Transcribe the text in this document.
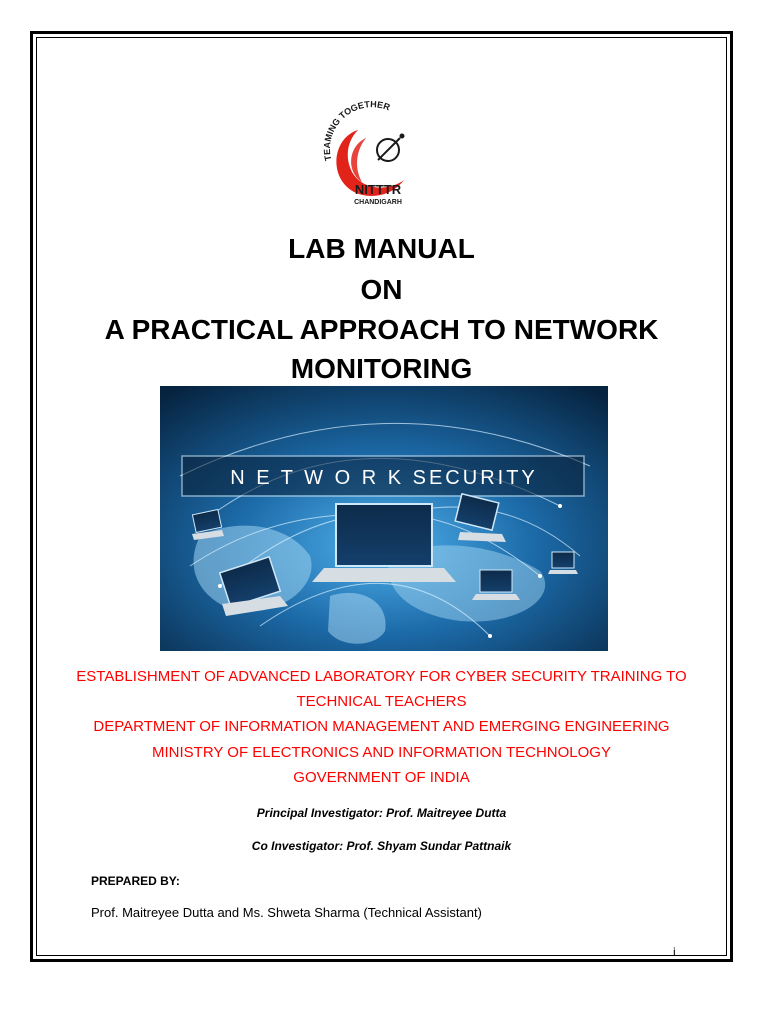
TEAMING TOGETHER
NITTTR
CHANDIGARH

LAB MANUAL

ON

A PRACTICAL APPROACH TO NETWORK

MONITORING

N E T W O R K SECURITY

ESTABLISHMENT OF ADVANCED LABORATORY FOR CYBER SECURITY TRAINING TO

TECHNICAL TEACHERS

DEPARTMENT OF INFORMATION MANAGEMENT AND EMERGING ENGINEERING

MINISTRY OF ELECTRONICS AND INFORMATION TECHNOLOGY

GOVERNMENT OF INDIA

Principal Investigator: Prof. Maitreyee Dutta

Co Investigator: Prof. Shyam Sundar Pattnaik

PREPARED BY:

Prof. Maitreyee Dutta and Ms. Shweta Sharma (Technical Assistant)

i
